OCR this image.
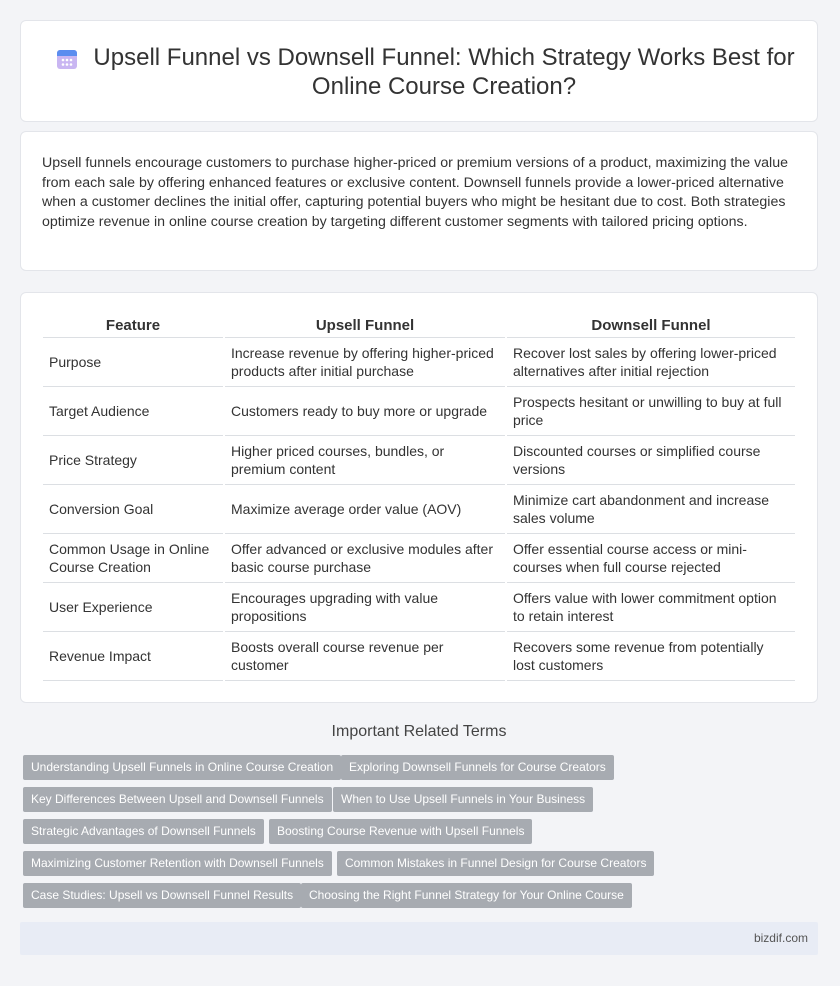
Upsell Funnel vs Downsell Funnel: Which Strategy Works Best for Online Course Creation?
Upsell funnels encourage customers to purchase higher-priced or premium versions of a product, maximizing the value from each sale by offering enhanced features or exclusive content. Downsell funnels provide a lower-priced alternative when a customer declines the initial offer, capturing potential buyers who might be hesitant due to cost. Both strategies optimize revenue in online course creation by targeting different customer segments with tailored pricing options.
Feature	Upsell Funnel	Downsell Funnel
Purpose	Increase revenue by offering higher-priced products after initial purchase	Recover lost sales by offering lower-priced alternatives after initial rejection
Target Audience	Customers ready to buy more or upgrade	Prospects hesitant or unwilling to buy at full price
Price Strategy	Higher priced courses, bundles, or premium content	Discounted courses or simplified course versions
Conversion Goal	Maximize average order value (AOV)	Minimize cart abandonment and increase sales volume
Common Usage in Online Course Creation	Offer advanced or exclusive modules after basic course purchase	Offer essential course access or mini-courses when full course rejected
User Experience	Encourages upgrading with value propositions	Offers value with lower commitment option to retain interest
Revenue Impact	Boosts overall course revenue per customer	Recovers some revenue from potentially lost customers
Important Related Terms
Understanding Upsell Funnels in Online Course Creation	Exploring Downsell Funnels for Course Creators
Key Differences Between Upsell and Downsell Funnels	When to Use Upsell Funnels in Your Business
Strategic Advantages of Downsell Funnels	Boosting Course Revenue with Upsell Funnels
Maximizing Customer Retention with Downsell Funnels	Common Mistakes in Funnel Design for Course Creators
Case Studies: Upsell vs Downsell Funnel Results	Choosing the Right Funnel Strategy for Your Online Course
bizdif.com
